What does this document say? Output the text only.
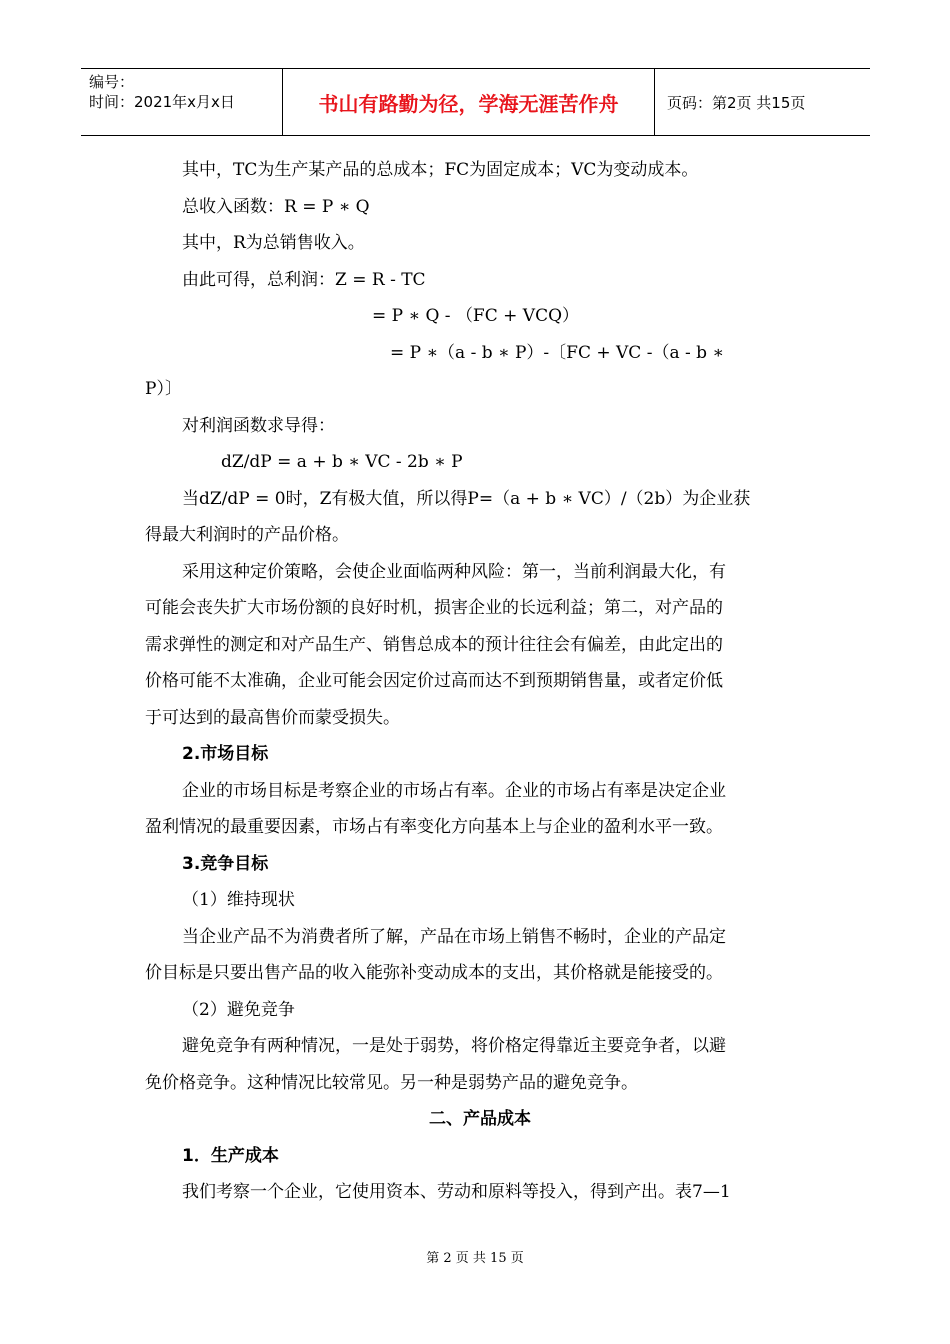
编号：
时间：2021年x月x日	书山有路勤为径，学海无涯苦作舟	页码：第2页 共15页

其中，TC为生产某产品的总成本；FC为固定成本；VC为变动成本。

总收入函数：R = P ∗ Q

其中，R为总销售收入。

由此可得，总利润：Z = R - TC

= P ∗ Q - （FC + VCQ）

= P ∗（a - b ∗ P）-〔FC + VC -（a - b ∗

P）〕

对利润函数求导得：

dZ/dP = a + b ∗ VC - 2b ∗ P

当dZ/dP = 0时，Z有极大值，所以得P=（a + b ∗ VC）/（2b）为企业获

得最大利润时的产品价格。

采用这种定价策略，会使企业面临两种风险：第一，当前利润最大化，有

可能会丧失扩大市场份额的良好时机，损害企业的长远利益；第二，对产品的

需求弹性的测定和对产品生产、销售总成本的预计往往会有偏差，由此定出的

价格可能不太准确，企业可能会因定价过高而达不到预期销售量，或者定价低

于可达到的最高售价而蒙受损失。

2.市场目标

企业的市场目标是考察企业的市场占有率。企业的市场占有率是决定企业

盈利情况的最重要因素，市场占有率变化方向基本上与企业的盈利水平一致。

3.竞争目标

（1）维持现状

当企业产品不为消费者所了解，产品在市场上销售不畅时，企业的产品定

价目标是只要出售产品的收入能弥补变动成本的支出，其价格就是能接受的。

（2）避免竞争

避免竞争有两种情况，一是处于弱势，将价格定得靠近主要竞争者，以避

免价格竞争。这种情况比较常见。另一种是弱势产品的避免竞争。

二、产品成本

1．生产成本

我们考察一个企业，它使用资本、劳动和原料等投入，得到产出。表7—1

第 2 页 共 15 页
